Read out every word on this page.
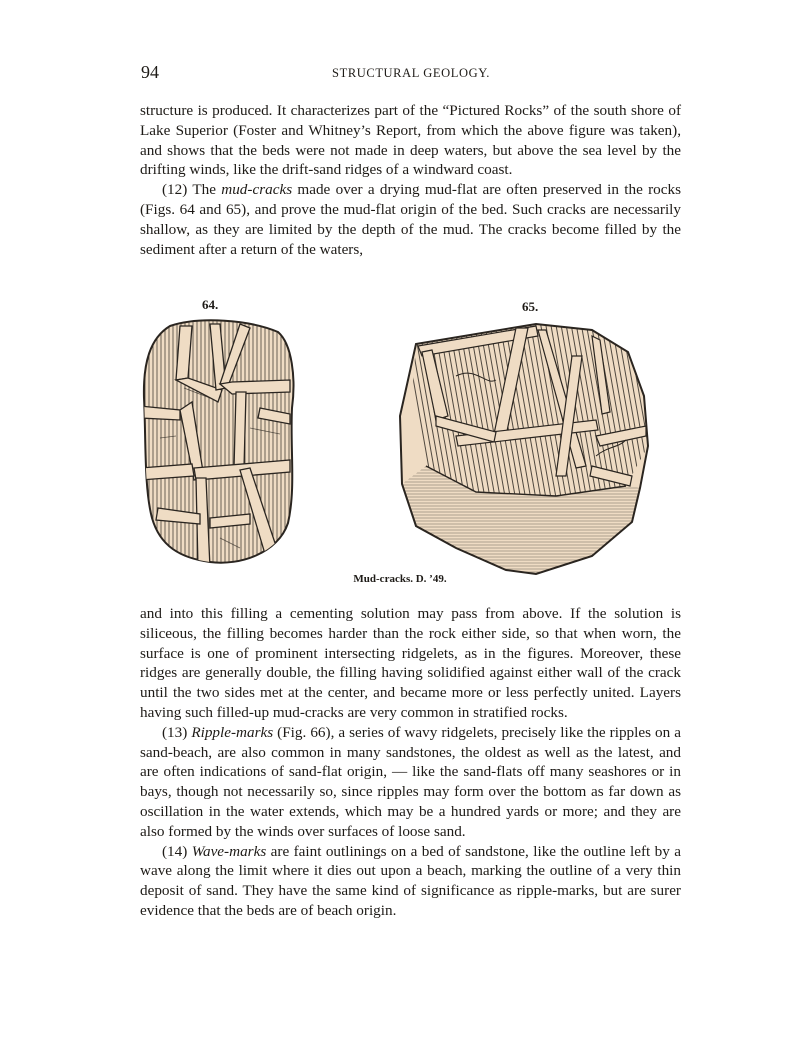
94	STRUCTURAL GEOLOGY.

structure is produced. It characterizes part of the “Pictured Rocks” of the south shore of Lake Superior (Foster and Whitney’s Report, from which the above figure was taken), and shows that the beds were not made in deep waters, but above the sea level by the drifting winds, like the drift-sand ridges of a windward coast.

(12) The mud-cracks made over a drying mud-flat are often preserved in the rocks (Figs. 64 and 65), and prove the mud-flat origin of the bed. Such cracks are necessarily shallow, as they are limited by the depth of the mud. The cracks become filled by the sediment after a return of the waters,

64.	65.
Mud-cracks. D. ’49.

and into this filling a cementing solution may pass from above. If the solution is siliceous, the filling becomes harder than the rock either side, so that when worn, the surface is one of prominent intersecting ridgelets, as in the figures. Moreover, these ridges are generally double, the filling having solidified against either wall of the crack until the two sides met at the center, and became more or less perfectly united. Layers having such filled-up mud-cracks are very common in stratified rocks.

(13) Ripple-marks (Fig. 66), a series of wavy ridgelets, precisely like the ripples on a sand-beach, are also common in many sandstones, the oldest as well as the latest, and are often indications of sand-flat origin, — like the sand-flats off many seashores or in bays, though not necessarily so, since ripples may form over the bottom as far down as oscillation in the water extends, which may be a hundred yards or more; and they are also formed by the winds over surfaces of loose sand.

(14) Wave-marks are faint outlinings on a bed of sandstone, like the outline left by a wave along the limit where it dies out upon a beach, marking the outline of a very thin deposit of sand. They have the same kind of significance as ripple-marks, but are surer evidence that the beds are of beach origin.
